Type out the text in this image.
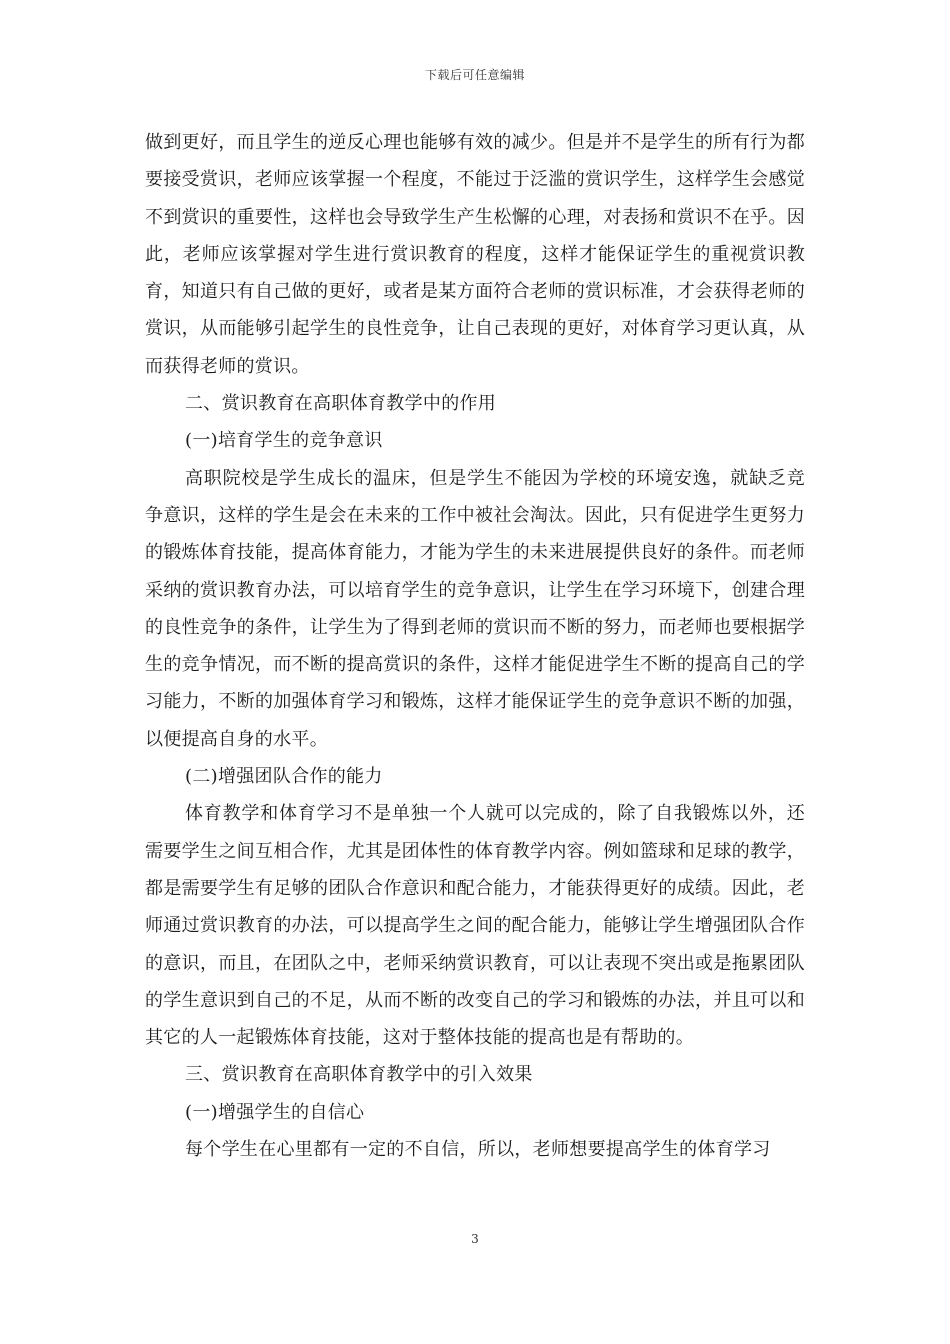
下载后可任意编辑

做到更好，而且学生的逆反心理也能够有效的减少。但是并不是学生的所有行为都要接受赏识，老师应该掌握一个程度，不能过于泛滥的赏识学生，这样学生会感觉不到赏识的重要性，这样也会导致学生产生松懈的心理，对表扬和赏识不在乎。因此，老师应该掌握对学生进行赏识教育的程度，这样才能保证学生的重视赏识教育，知道只有自己做的更好，或者是某方面符合老师的赏识标准，才会获得老师的赏识，从而能够引起学生的良性竞争，让自己表现的更好，对体育学习更认真，从而获得老师的赏识。

二、赏识教育在高职体育教学中的作用

(一)培育学生的竞争意识

高职院校是学生成长的温床，但是学生不能因为学校的环境安逸，就缺乏竞争意识，这样的学生是会在未来的工作中被社会淘汰。因此，只有促进学生更努力的锻炼体育技能，提高体育能力，才能为学生的未来进展提供良好的条件。而老师采纳的赏识教育办法，可以培育学生的竞争意识，让学生在学习环境下，创建合理的良性竞争的条件，让学生为了得到老师的赏识而不断的努力，而老师也要根据学生的竞争情况，而不断的提高赏识的条件，这样才能促进学生不断的提高自己的学习能力，不断的加强体育学习和锻炼，这样才能保证学生的竞争意识不断的加强，以便提高自身的水平。

(二)增强团队合作的能力

体育教学和体育学习不是单独一个人就可以完成的，除了自我锻炼以外，还需要学生之间互相合作，尤其是团体性的体育教学内容。例如篮球和足球的教学，都是需要学生有足够的团队合作意识和配合能力，才能获得更好的成绩。因此，老师通过赏识教育的办法，可以提高学生之间的配合能力，能够让学生增强团队合作的意识，而且，在团队之中，老师采纳赏识教育，可以让表现不突出或是拖累团队的学生意识到自己的不足，从而不断的改变自己的学习和锻炼的办法，并且可以和其它的人一起锻炼体育技能，这对于整体技能的提高也是有帮助的。

三、赏识教育在高职体育教学中的引入效果

(一)增强学生的自信心

每个学生在心里都有一定的不自信，所以，老师想要提高学生的体育学习

3
